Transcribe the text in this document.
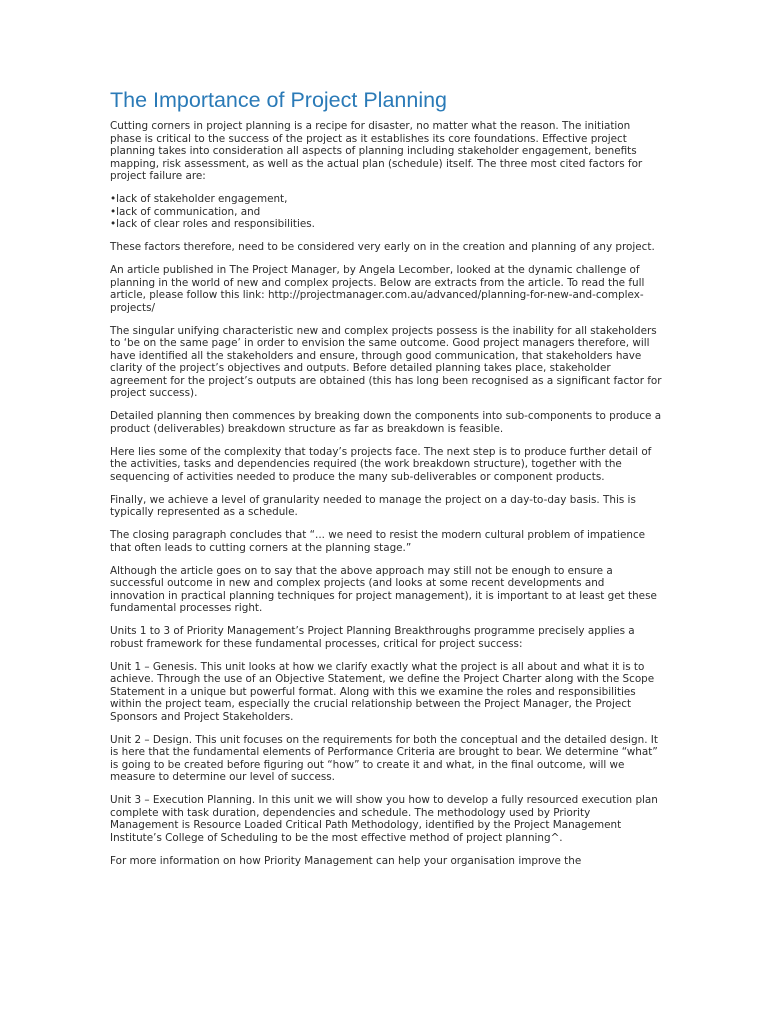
The Importance of Project Planning

Cutting corners in project planning is a recipe for disaster, no matter what the reason. The initiation phase is critical to the success of the project as it establishes its core foundations. Effective project planning takes into consideration all aspects of planning including stakeholder engagement, benefits mapping, risk assessment, as well as the actual plan (schedule) itself. The three most cited factors for project failure are:

•lack of stakeholder engagement,
•lack of communication, and
•lack of clear roles and responsibilities.

These factors therefore, need to be considered very early on in the creation and planning of any project.

An article published in The Project Manager, by Angela Lecomber, looked at the dynamic challenge of planning in the world of new and complex projects. Below are extracts from the article. To read the full article, please follow this link: http://projectmanager.com.au/advanced/planning-for-new-and-complex-projects/

The singular unifying characteristic new and complex projects possess is the inability for all stakeholders to ‘be on the same page’ in order to envision the same outcome. Good project managers therefore, will have identified all the stakeholders and ensure, through good communication, that stakeholders have clarity of the project’s objectives and outputs. Before detailed planning takes place, stakeholder agreement for the project’s outputs are obtained (this has long been recognised as a significant factor for project success).

Detailed planning then commences by breaking down the components into sub-components to produce a product (deliverables) breakdown structure as far as breakdown is feasible.

Here lies some of the complexity that today’s projects face. The next step is to produce further detail of the activities, tasks and dependencies required (the work breakdown structure), together with the sequencing of activities needed to produce the many sub-deliverables or component products.

Finally, we achieve a level of granularity needed to manage the project on a day-to-day basis. This is typically represented as a schedule.

The closing paragraph concludes that “... we need to resist the modern cultural problem of impatience that often leads to cutting corners at the planning stage.”

Although the article goes on to say that the above approach may still not be enough to ensure a successful outcome in new and complex projects (and looks at some recent developments and innovation in practical planning techniques for project management), it is important to at least get these fundamental processes right.

Units 1 to 3 of Priority Management’s Project Planning Breakthroughs programme precisely applies a robust framework for these fundamental processes, critical for project success:

Unit 1 – Genesis. This unit looks at how we clarify exactly what the project is all about and what it is to achieve. Through the use of an Objective Statement, we define the Project Charter along with the Scope Statement in a unique but powerful format. Along with this we examine the roles and responsibilities within the project team, especially the crucial relationship between the Project Manager, the Project Sponsors and Project Stakeholders.

Unit 2 – Design. This unit focuses on the requirements for both the conceptual and the detailed design. It is here that the fundamental elements of Performance Criteria are brought to bear. We determine “what” is going to be created before figuring out “how” to create it and what, in the final outcome, will we measure to determine our level of success.

Unit 3 – Execution Planning. In this unit we will show you how to develop a fully resourced execution plan complete with task duration, dependencies and schedule. The methodology used by Priority Management is Resource Loaded Critical Path Methodology, identified by the Project Management Institute’s College of Scheduling to be the most effective method of project planning^.

For more information on how Priority Management can help your organisation improve the
